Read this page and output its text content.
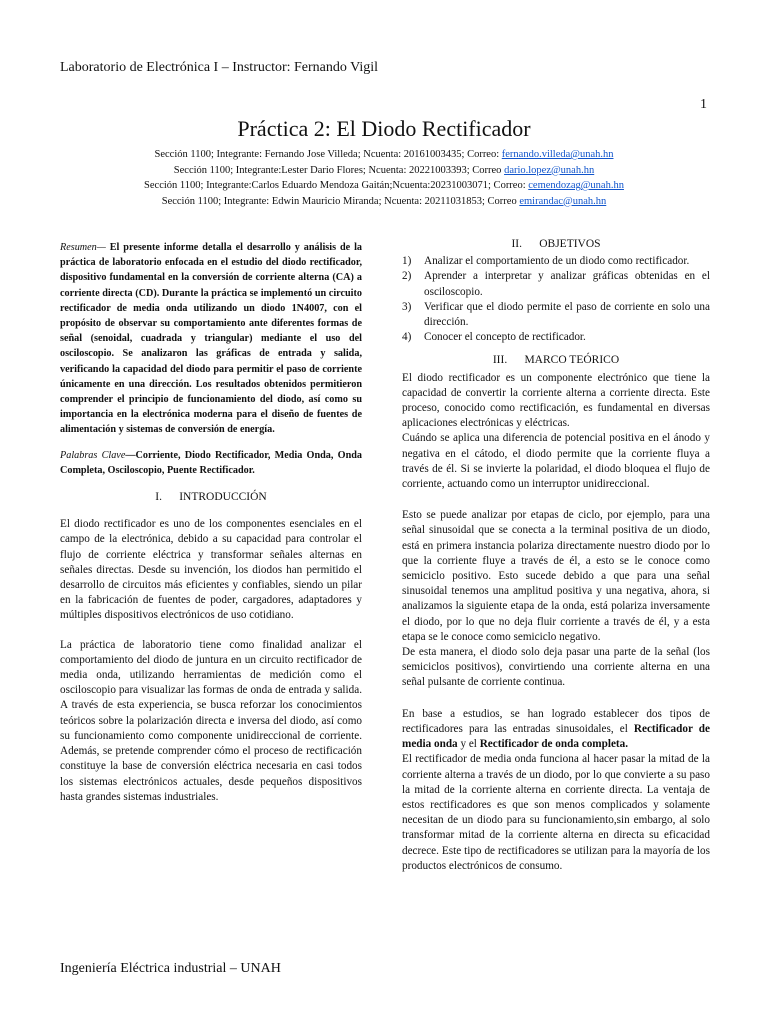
Laboratorio de Electrónica I – Instructor: Fernando Vigil
1
Práctica 2: El Diodo Rectificador
Sección 1100; Integrante: Fernando Jose Villeda; Ncuenta: 20161003435; Correo: fernando.villeda@unah.hn
Sección 1100; Integrante:Lester Dario Flores; Ncuenta: 20221003393; Correo dario.lopez@unah.hn
Sección 1100; Integrante:Carlos Eduardo Mendoza Gaitán;Ncuenta:20231003071; Correo: cemendozag@unah.hn
Sección 1100; Integrante: Edwin Mauricio Miranda; Ncuenta: 20211031853; Correo emirandac@unah.hn

Resumen— El presente informe detalla el desarrollo y análisis de la práctica de laboratorio enfocada en el estudio del diodo rectificador, dispositivo fundamental en la conversión de corriente alterna (CA) a corriente directa (CD). Durante la práctica se implementó un circuito rectificador de media onda utilizando un diodo 1N4007, con el propósito de observar su comportamiento ante diferentes formas de señal (senoidal, cuadrada y triangular) mediante el uso del osciloscopio. Se analizaron las gráficas de entrada y salida, verificando la capacidad del diodo para permitir el paso de corriente únicamente en una dirección. Los resultados obtenidos permitieron comprender el principio de funcionamiento del diodo, así como su importancia en la electrónica moderna para el diseño de fuentes de alimentación y sistemas de conversión de energía.

Palabras Clave—Corriente, Diodo Rectificador, Media Onda, Onda Completa, Osciloscopio, Puente Rectificador.

I.      INTRODUCCIÓN

El diodo rectificador es uno de los componentes esenciales en el campo de la electrónica, debido a su capacidad para controlar el flujo de corriente eléctrica y transformar señales alternas en señales directas. Desde su invención, los diodos han permitido el desarrollo de circuitos más eficientes y confiables, siendo un pilar en la fabricación de fuentes de poder, cargadores, adaptadores y múltiples dispositivos electrónicos de uso cotidiano.

La práctica de laboratorio tiene como finalidad analizar el comportamiento del diodo de juntura en un circuito rectificador de media onda, utilizando herramientas de medición como el osciloscopio para visualizar las formas de onda de entrada y salida. A través de esta experiencia, se busca reforzar los conocimientos teóricos sobre la polarización directa e inversa del diodo, así como su funcionamiento como componente unidireccional de corriente. Además, se pretende comprender cómo el proceso de rectificación constituye la base de conversión eléctrica necesaria en casi todos los sistemas electrónicos actuales, desde pequeños dispositivos hasta grandes sistemas industriales.

II.      OBJETIVOS
1) Analizar el comportamiento de un diodo como rectificador.
2) Aprender a interpretar y analizar gráficas obtenidas en el osciloscopio.
3) Verificar que el diodo permite el paso de corriente en solo una dirección.
4) Conocer el concepto de rectificador.
III.      MARCO TEÓRICO

El diodo rectificador es un componente electrónico que tiene la capacidad de convertir la corriente alterna a corriente directa. Este proceso, conocido como rectificación, es fundamental en diversas aplicaciones electrónicas y eléctricas.

Cuándo se aplica una diferencia de potencial positiva en el ánodo y negativa en el cátodo, el diodo permite que la corriente fluya a través de él. Si se invierte la polaridad, el diodo bloquea el flujo de corriente, actuando como un interruptor unidireccional.

Esto se puede analizar por etapas de ciclo, por ejemplo, para una señal sinusoidal que se conecta a la terminal positiva de un diodo, está en primera instancia polariza directamente nuestro diodo por lo que la corriente fluye a través de él, a esto se le conoce como semiciclo positivo. Esto sucede debido a que para una señal sinusoidal tenemos una amplitud positiva y una negativa, ahora, si analizamos la siguiente etapa de la onda, está polariza inversamente el diodo, por lo que no deja fluir corriente a través de él, y a esta etapa se le conoce como semiciclo negativo.

De esta manera, el diodo solo deja pasar una parte de la señal (los semiciclos positivos), convirtiendo una corriente alterna en una señal pulsante de corriente continua.

En base a estudios, se han logrado establecer dos tipos de rectificadores para las entradas sinusoidales, el Rectificador de media onda y el Rectificador de onda completa.

El rectificador de media onda funciona al hacer pasar la mitad de la corriente alterna a través de un diodo, por lo que convierte a su paso la mitad de la corriente alterna en corriente directa. La ventaja de estos rectificadores es que son menos complicados y solamente necesitan de un diodo para su funcionamiento,sin embargo, al solo transformar mitad de la corriente alterna en directa su eficacidad decrece. Este tipo de rectificadores se utilizan para la mayoría de los productos electrónicos de consumo.

Ingeniería Eléctrica industrial – UNAH
